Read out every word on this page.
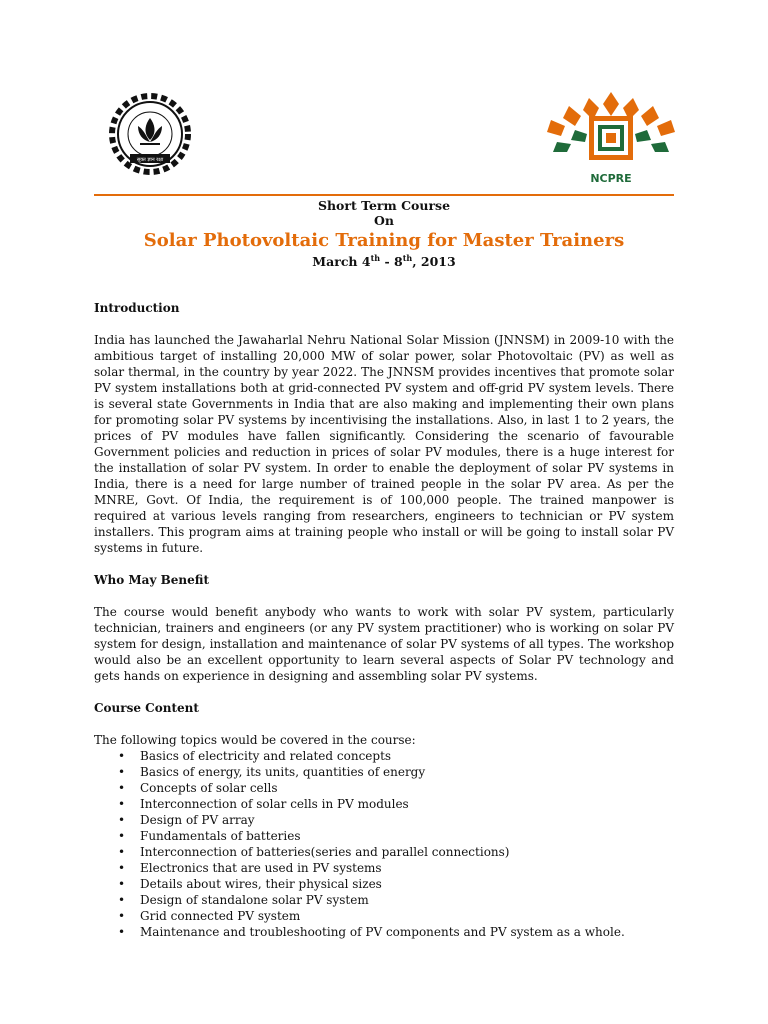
सूक्त ज्ञान रक्षा
NCPRE
Short Term Course
On
Solar Photovoltaic Training for Master Trainers
March 4th - 8th, 2013

Introduction

India has launched the Jawaharlal Nehru National Solar Mission (JNNSM) in 2009-10 with the ambitious target of installing 20,000 MW of solar power, solar Photovoltaic (PV) as well as solar thermal, in the country by year 2022. The JNNSM provides incentives that promote solar PV system installations both at grid-connected PV system and off-grid PV system levels. There is several state Governments in India that are also making and implementing their own plans for promoting solar PV systems by incentivising the installations. Also, in last 1 to 2 years, the prices of PV modules have fallen significantly. Considering the scenario of favourable Government policies and reduction in prices of solar PV modules, there is a huge interest for the installation of solar PV system. In order to enable the deployment of solar PV systems in India, there is a need for large number of trained people in the solar PV area. As per the MNRE, Govt. Of India, the requirement is of 100,000 people. The trained manpower is required at various levels ranging from researchers, engineers to technician or PV system installers. This program aims at training people who install or will be going to install solar PV systems in future.

Who May Benefit

The course would benefit anybody who wants to work with solar PV system, particularly technician, trainers and engineers (or any PV system practitioner) who is working on solar PV system for design, installation and maintenance of solar PV systems of all types. The workshop would also be an excellent opportunity to learn several aspects of Solar PV technology and gets hands on experience in designing and assembling solar PV systems.

Course Content

The following topics would be covered in the course:

• Basics of electricity and related concepts
• Basics of energy, its units, quantities of energy
• Concepts of solar cells
• Interconnection of solar cells in PV modules
• Design of PV array
• Fundamentals of batteries
• Interconnection of batteries(series and parallel connections)
• Electronics that are used in PV systems
• Details about wires, their physical sizes
• Design of standalone solar PV system
• Grid connected PV system
• Maintenance and troubleshooting of PV components and PV system as a whole.
